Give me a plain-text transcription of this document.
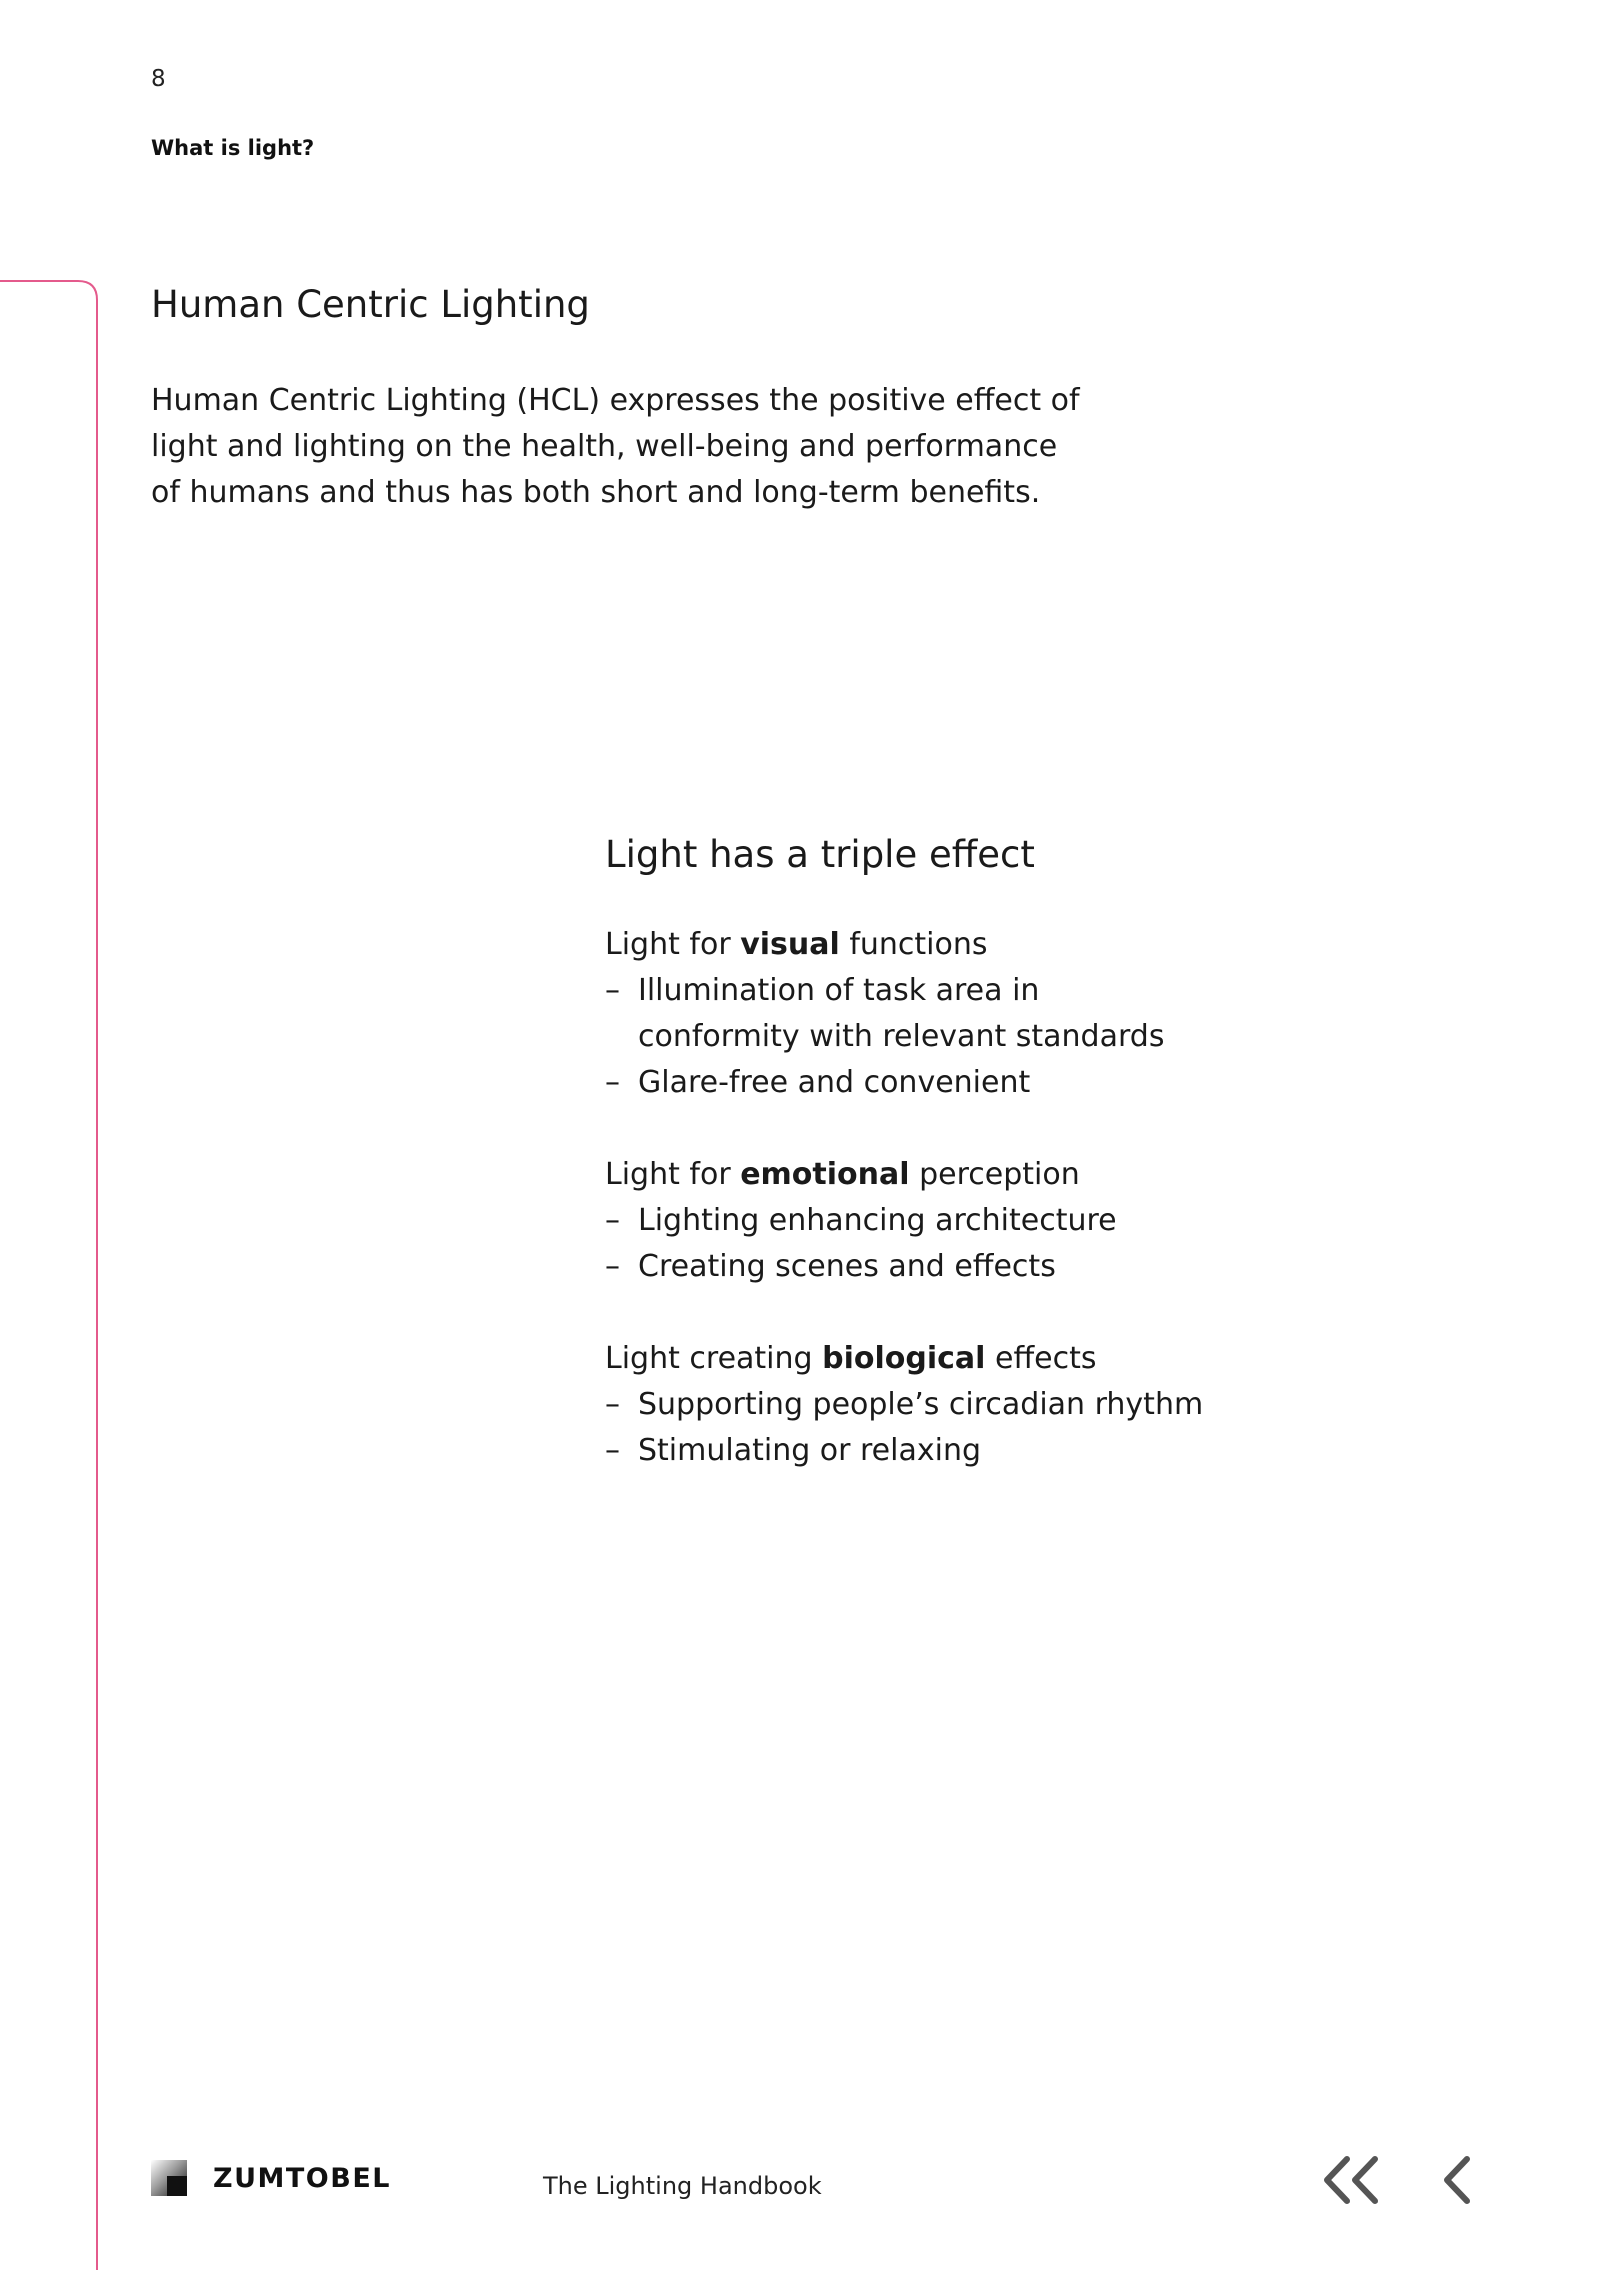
8
What is light?
Human Centric Lighting

Human Centric Lighting (HCL) expresses the positive effect of
light and lighting on the health, well-being and performance
of humans and thus has both short and long-term benefits.

Light has a triple effect
Light for visual functions
– Illumination of task area in conformity with relevant standards
– Glare-free and convenient
Light for emotional perception
– Lighting enhancing architecture
– Creating scenes and effects
Light creating biological effects
– Supporting people’s circadian rhythm
– Stimulating or relaxing
ZUMTOBEL	The Lighting Handbook
